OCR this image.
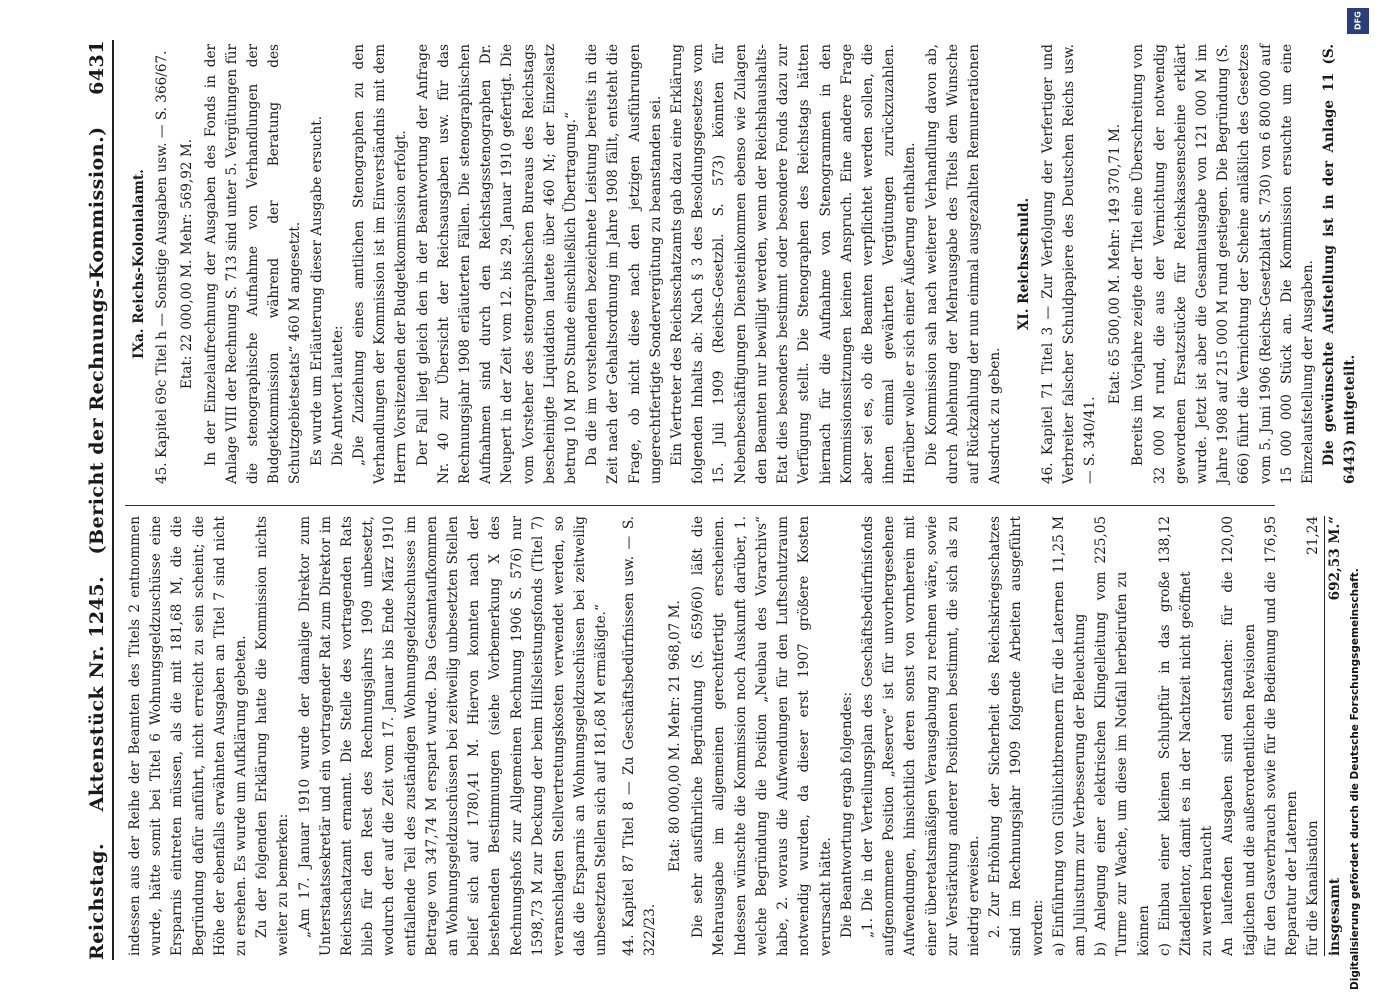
Reichstag.
Aktenstück Nr. 1245.   (Bericht der Rechnungs-Kommission.)
6431

indessen aus der Reihe der Beamten des Titels 2 entnommen wurde, hätte somit bei Titel 6 Wohnungsgeldzuschüsse eine Ersparnis eintreten müssen, als die mit 181,68 M, die die Begründung dafür anführt, nicht erreicht zu sein scheint; die Höhe der ebenfalls erwähnten Ausgaben an Titel 7 sind nicht zu ersehen. Es wurde um Aufklärung gebeten. Zu der folgenden Erklärung hatte die Kommission nichts weiter zu bemerken: „Am 17. Januar 1910 wurde der damalige Direktor zum Unterstaatssekretär und ein vortragender Rat zum Direktor im Reichsschatzamt ernannt. Die Stelle des vortragenden Rats blieb für den Rest des Rechnungsjahrs 1909 unbesetzt, wodurch der auf die Zeit vom 17. Januar bis Ende März 1910 entfallende Teil des zuständigen Wohnungsgeldzuschusses im Betrage von 347,74 M erspart wurde. Das Gesamtaufkommen an Wohnungsgeldzuschüssen bei zeitweilig unbesetzten Stellen belief sich auf 1780,41 M. Hiervon konnten nach der bestehenden Bestimmungen (siehe Vorbemerkung X des Rechnungshofs zur Allgemeinen Rechnung 1906 S. 576) nur 1598,73 M zur Deckung der beim Hilfsleistungsfonds (Titel 7) veranschlagten Stellvertretungskosten verwendet werden, so daß die Ersparnis an Wohnungsgeldzuschüssen bei zeitweilig unbesetzten Stellen sich auf 181,68 M ermäßigte.“ 44. Kapitel 87 Titel 8 — Zu Geschäftsbedürfnissen usw. — S. 322/23.

Etat: 80 000,00 M. Mehr: 21 968,07 M. Die sehr ausführliche Begründung (S. 659/60) läßt die Mehrausgabe im allgemeinen gerechtfertigt erscheinen. Indessen wünschte die Kommission noch Auskunft darüber, 1. welche Begründung die Position „Neubau des Vorarchivs“ habe, 2. woraus die Aufwendungen für den Luftschutzraum notwendig wurden, da dieser erst 1907 größere Kosten verursacht hätte. Die Beantwortung ergab folgendes: „1. Die in der Verteilungsplan des Geschäftsbedürfnisfonds aufgenommene Position „Reserve“ ist für unvorhergesehene Aufwendungen, hinsichtlich deren sonst von vornherein mit einer überetatsmäßigen Verausgabung zu rechnen wäre, sowie zur Verstärkung anderer Positionen bestimmt, die sich als zu niedrig erweisen. 2. Zur Erhöhung der Sicherheit des Reichskriegsschatzes sind im Rechnungsjahr 1909 folgende Arbeiten ausgeführt worden: a) Einführung von Glühlichtbrennern für die Laternen am Juliusturm zur Verbesserung der Beleuchtung
11,25 M
b) Anlegung einer elektrischen Klingelleitung vom Turme zur Wache, um diese im Notfall herbeirufen zu können
225,05
c) Einbau einer kleinen Schlupftür in das große Zitadellentor, damit es in der Nachtzeit nicht geöffnet zu werden braucht
138,12
An laufenden Ausgaben sind entstanden: für die täglichen und die außerordentlichen Revisionen
120,00
für den Gasverbrauch sowie für die Bedienung und die Reparatur der Laternen
176,95
für die Kanalisation
21,24
insgesamt
692,53 M.“

IXa. Reichs-Kolonialamt. 45. Kapitel 69c Titel h — Sonstige Ausgaben usw. — S. 366/67. Etat: 22 000,00 M. Mehr: 569,92 M. In der Einzelaufrechnung der Ausgaben des Fonds in der Anlage VIII der Rechnung S. 713 sind unter 5. Vergütungen für die stenographische Aufnahme von Verhandlungen der Budgetkommission während der Beratung des Schutzgebietsetats“ 460 M angesetzt. Es wurde um Erläuterung dieser Ausgabe ersucht. Die Antwort lautete: „Die Zuziehung eines amtlichen Stenographen zu den Verhandlungen der Kommission ist im Einverständnis mit dem Herrn Vorsitzenden der Budgetkommission erfolgt. Der Fall liegt gleich den in der Beantwortung der Anfrage Nr. 40 zur Übersicht der Reichsausgaben usw. für das Rechnungsjahr 1908 erläuterten Fällen. Die stenographischen Aufnahmen sind durch den Reichstagsstenographen Dr. Neupert in der Zeit vom 12. bis 29. Januar 1910 gefertigt. Die vom Vorsteher des stenographischen Bureaus des Reichstags bescheinigte Liquidation lautete über 460 M; der Einzelsatz betrug 10 M pro Stunde einschließlich Übertragung.“ Da die im vorstehenden bezeichnete Leistung bereits in die Zeit nach der Gehaltsordnung im Jahre 1908 fällt, entsteht die Frage, ob nicht diese nach den jetzigen Ausführungen ungerechtfertigte Sondervergütung zu beanstanden sei. Ein Vertreter des Reichsschatzamts gab dazu eine Erklärung folgenden Inhalts ab: Nach § 3 des Besoldungsgesetzes vom 15. Juli 1909 (Reichs-Gesetzbl. S. 573) könnten für Nebenbeschäftigungen Diensteinkommen ebenso wie Zulagen den Beamten nur bewilligt werden, wenn der Reichshaushalts-Etat dies besonders bestimmt oder besondere Fonds dazu zur Verfügung stellt. Die Stenographen des Reichstags hätten hiernach für die Aufnahme von Stenogrammen in den Kommissionssitzungen keinen Anspruch. Eine andere Frage aber sei es, ob die Beamten verpflichtet werden sollen, die ihnen einmal gewährten Vergütungen zurückzuzahlen. Hierüber wolle er sich einer Äußerung enthalten. Die Kommission sah nach weiterer Verhandlung davon ab, durch Ablehnung der Mehrausgabe des Titels dem Wunsche auf Rückzahlung der nun einmal ausgezahlten Remunerationen Ausdruck zu geben.

XI. Reichsschuld. 46. Kapitel 71 Titel 3 — Zur Verfolgung der Verfertiger und Verbreiter falscher Schuldpapiere des Deutschen Reichs usw. — S. 340/41.

Etat: 65 500,00 M. Mehr: 149 370,71 M. Bereits im Vorjahre zeigte der Titel eine Überschreitung von 32 000 M rund, die aus der Vernichtung der notwendig gewordenen Ersatzstücke für Reichskassenscheine erklärt wurde. Jetzt ist aber die Gesamtausgabe von 121 000 M im Jahre 1908 auf 215 000 M rund gestiegen. Die Begründung (S. 666) führt die Vernichtung der Scheine anläßlich des Gesetzes vom 5. Juni 1906 (Reichs-Gesetzblatt S. 730) von 6 800 000 auf 15 000 000 Stück an. Die Kommission ersuchte um eine Einzelaufstellung der Ausgaben. Die gewünschte Aufstellung ist in der Anlage 11 (S. 6443) mitgeteilt.

DFG
Digitalisierung gefördert durch die Deutsche Forschungsgemeinschaft.
